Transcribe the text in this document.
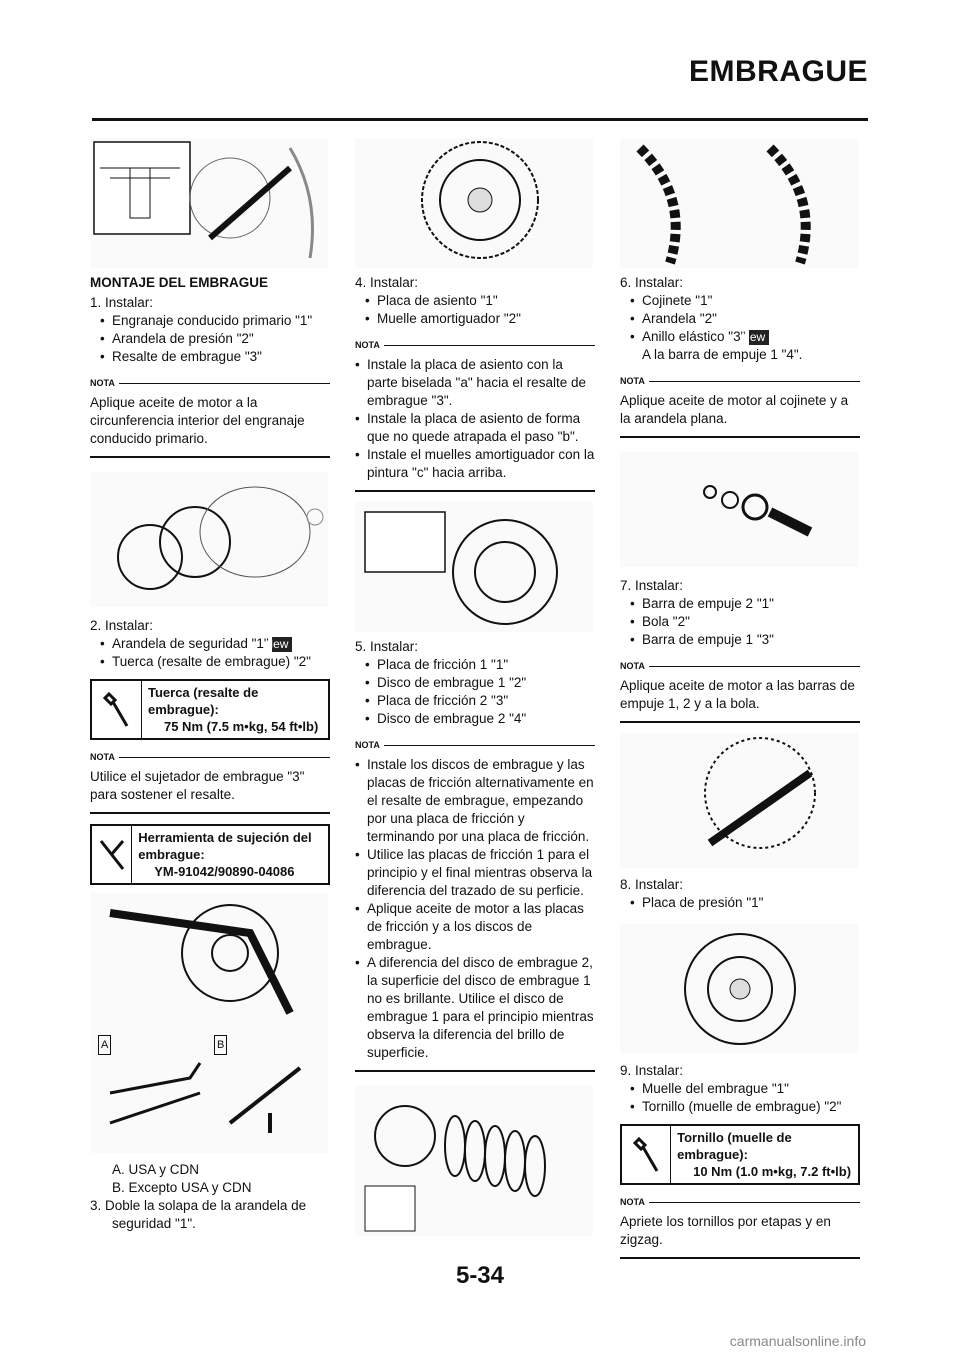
EMBRAGUE
MONTAJE DEL EMBRAGUE

1. Instalar:

• Engranaje conducido primario "1"

• Arandela de presión "2"

• Resalte de embrague "3"

NOTA

Aplique aceite de motor a la circunferencia interior del engranaje conducido primario.

2. Instalar:

• Arandela de seguridad "1" New

• Tuerca (resalte de embrague) "2"

Tuerca (resalte de embrague):
75 Nm (7.5 m•kg, 54 ft•lb)
NOTA

Utilice el sujetador de embrague "3" para sostener el resalte.

Herramienta de sujeción del embrague:
YM-91042/90890-04086
A	B

A. USA y CDN

B. Excepto USA y CDN

3. Doble la solapa de la arandela de seguridad "1".

4. Instalar:

• Placa de asiento "1"

• Muelle amortiguador "2"

NOTA

• Instale la placa de asiento con la parte biselada "a" hacia el resalte de embrague "3".

• Instale la placa de asiento de forma que no quede atrapada el paso "b".

• Instale el muelles amortiguador con la pintura "c" hacia arriba.

5. Instalar:

• Placa de fricción 1 "1"

• Disco de embrague 1 "2"

• Placa de fricción 2 "3"

• Disco de embrague 2 "4"

NOTA

• Instale los discos de embrague y las placas de fricción alternativamente en el resalte de embrague, empezando por una placa de fricción y terminando por una placa de fricción.

• Utilice las placas de fricción 1 para el principio y el final mientras observa la diferencia del trazado de su perficie.

• Aplique aceite de motor a las placas de fricción y a los discos de embrague.

• A diferencia del disco de embrague 2, la superficie del disco de embrague 1 no es brillante. Utilice el disco de embrague 1 para el principio mientras observa la diferencia del brillo de superficie.

6. Instalar:

• Cojinete "1"

• Arandela "2"

• Anillo elástico "3" New

A la barra de empuje 1 "4".

NOTA

Aplique aceite de motor al cojinete y a la arandela plana.

7. Instalar:

• Barra de empuje 2 "1"

• Bola "2"

• Barra de empuje 1 "3"

NOTA

Aplique aceite de motor a las barras de empuje 1, 2 y a la bola.

8. Instalar:

• Placa de presión "1"

9. Instalar:

• Muelle del embrague "1"

• Tornillo (muelle de embrague) "2"

Tornillo (muelle de embrague):
10 Nm (1.0 m•kg, 7.2 ft•lb)
NOTA

Apriete los tornillos por etapas y en zigzag.

5-34
carmanualsonline.info
